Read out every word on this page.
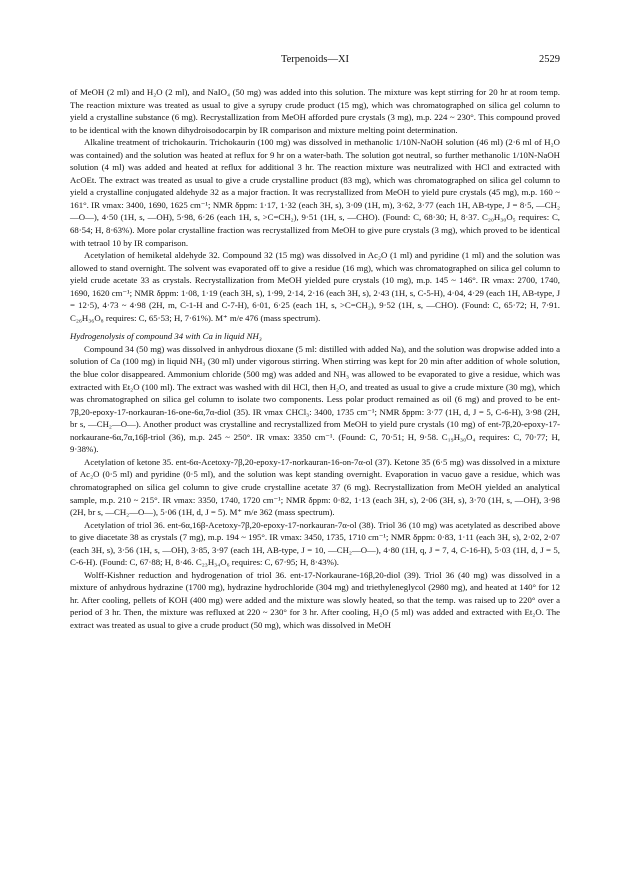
Terpenoids—XI	2529

of MeOH (2 ml) and H₂O (2 ml), and NaIO₄ (50 mg) was added into this solution. The mixture was kept stirring for 20 hr at room temp. The reaction mixture was treated as usual to give a syrupy crude product (15 mg), which was chromatographed on silica gel column to yield a crystalline substance (6 mg). Recrystallization from MeOH afforded pure crystals (3 mg), m.p. 224 ~ 230°. This compound proved to be identical with the known dihydroisodocarpin by IR comparison and mixture melting point determination.

Alkaline treatment of trichokaurin. Trichokaurin (100 mg) was dissolved in methanolic 1/10N-NaOH solution (46 ml) (2·6 ml of H₂O was contained) and the solution was heated at reflux for 9 hr on a water-bath. The solution got neutral, so further methanolic 1/10N-NaOH solution (4 ml) was added and heated at reflux for additional 3 hr. The reaction mixture was neutralized with HCl and extracted with AcOEt. The extract was treated as usual to give a crude crystalline product (83 mg), which was chromatographed on silica gel column to yield a crystalline conjugated aldehyde 32 as a major fraction. It was recrystallized from MeOH to yield pure crystals (45 mg), m.p. 160 ~ 161°. IR νmax: 3400, 1690, 1625 cm⁻¹; NMR δppm: 1·17, 1·32 (each 3H, s), 3·09 (1H, m), 3·62, 3·77 (each 1H, AB-type, J = 8·5, —CH₂—O—), 4·50 (1H, s, —OH), 5·98, 6·26 (each 1H, s, >C=CH₂), 9·51 (1H, s, —CHO). (Found: C, 68·30; H, 8·37. C₂₀H₃₀O₅ requires: C, 68·54; H, 8·63%). More polar crystalline fraction was recrystallized from MeOH to give pure crystals (3 mg), which proved to be identical with tetraol 10 by IR comparison.

Acetylation of hemiketal aldehyde 32. Compound 32 (15 mg) was dissolved in Ac₂O (1 ml) and pyridine (1 ml) and the solution was allowed to stand overnight. The solvent was evaporated off to give a residue (16 mg), which was chromatographed on silica gel column to yield crude acetate 33 as crystals. Recrystallization from MeOH yielded pure crystals (10 mg), m.p. 145 ~ 146°. IR νmax: 2700, 1740, 1690, 1620 cm⁻¹; NMR δppm: 1·08, 1·19 (each 3H, s), 1·99, 2·14, 2·16 (each 3H, s), 2·43 (1H, s, C-5-H), 4·04, 4·29 (each 1H, AB-type, J = 12·5), 4·73 ~ 4·98 (2H, m, C-1-H and C-7-H), 6·01, 6·25 (each 1H, s, >C=CH₂), 9·52 (1H, s, —CHO). (Found: C, 65·72; H, 7·91. C₂₆H₃₆O₈ requires: C, 65·53; H, 7·61%). M⁺ m/e 476 (mass spectrum).

Hydrogenolysis of compound 34 with Ca in liquid NH₃

Compound 34 (50 mg) was dissolved in anhydrous dioxane (5 ml: distilled with added Na), and the solution was dropwise added into a solution of Ca (100 mg) in liquid NH₃ (30 ml) under vigorous stirring. When stirring was kept for 20 min after addition of whole solution, the blue color disappeared. Ammonium chloride (500 mg) was added and NH₃ was allowed to be evaporated to give a residue, which was extracted with Et₂O (100 ml). The extract was washed with dil HCl, then H₂O, and treated as usual to give a crude mixture (30 mg), which was chromatographed on silica gel column to isolate two components. Less polar product remained as oil (6 mg) and proved to be ent-7β,20-epoxy-17-norkauran-16-one-6α,7α-diol (35). IR νmax CHCl₃: 3400, 1735 cm⁻¹; NMR δppm: 3·77 (1H, d, J = 5, C-6-H), 3·98 (2H, br s, —CH₂—O—). Another product was crystalline and recrystallized from MeOH to yield pure crystals (10 mg) of ent-7β,20-epoxy-17-norkaurane-6α,7α,16β-triol (36), m.p. 245 ~ 250°. IR νmax: 3350 cm⁻¹. (Found: C, 70·51; H, 9·58. C₁₉H₃₀O₄ requires: C, 70·77; H, 9·38%).

Acetylation of ketone 35. ent-6α-Acetoxy-7β,20-epoxy-17-norkauran-16-on-7α-ol (37). Ketone 35 (6·5 mg) was dissolved in a mixture of Ac₂O (0·5 ml) and pyridine (0·5 ml), and the solution was kept standing overnight. Evaporation in vacuo gave a residue, which was chromatographed on silica gel column to give crude crystalline acetate 37 (6 mg). Recrystallization from MeOH yielded an analytical sample, m.p. 210 ~ 215°. IR νmax: 3350, 1740, 1720 cm⁻¹; NMR δppm: 0·82, 1·13 (each 3H, s), 2·06 (3H, s), 3·70 (1H, s, —OH), 3·98 (2H, br s, —CH₂—O—), 5·06 (1H, d, J = 5). M⁺ m/e 362 (mass spectrum).

Acetylation of triol 36. ent-6α,16β-Acetoxy-7β,20-epoxy-17-norkauran-7α-ol (38). Triol 36 (10 mg) was acetylated as described above to give diacetate 38 as crystals (7 mg), m.p. 194 ~ 195°. IR νmax: 3450, 1735, 1710 cm⁻¹; NMR δppm: 0·83, 1·11 (each 3H, s), 2·02, 2·07 (each 3H, s), 3·56 (1H, s, —OH), 3·85, 3·97 (each 1H, AB-type, J = 10, —CH₂—O—), 4·80 (1H, q, J = 7, 4, C-16-H), 5·03 (1H, d, J = 5, C-6-H). (Found: C, 67·88; H, 8·46. C₂₃H₃₄O₆ requires: C, 67·95; H, 8·43%).

Wolff-Kishner reduction and hydrogenation of triol 36. ent-17-Norkaurane-16β,20-diol (39). Triol 36 (40 mg) was dissolved in a mixture of anhydrous hydrazine (1700 mg), hydrazine hydrochloride (304 mg) and triethyleneglycol (2980 mg), and heated at 140° for 12 hr. After cooling, pellets of KOH (400 mg) were added and the mixture was slowly heated, so that the temp. was raised up to 220° over a period of 3 hr. Then, the mixture was refluxed at 220 ~ 230° for 3 hr. After cooling, H₂O (5 ml) was added and extracted with Et₂O. The extract was treated as usual to give a crude product (50 mg), which was dissolved in MeOH
